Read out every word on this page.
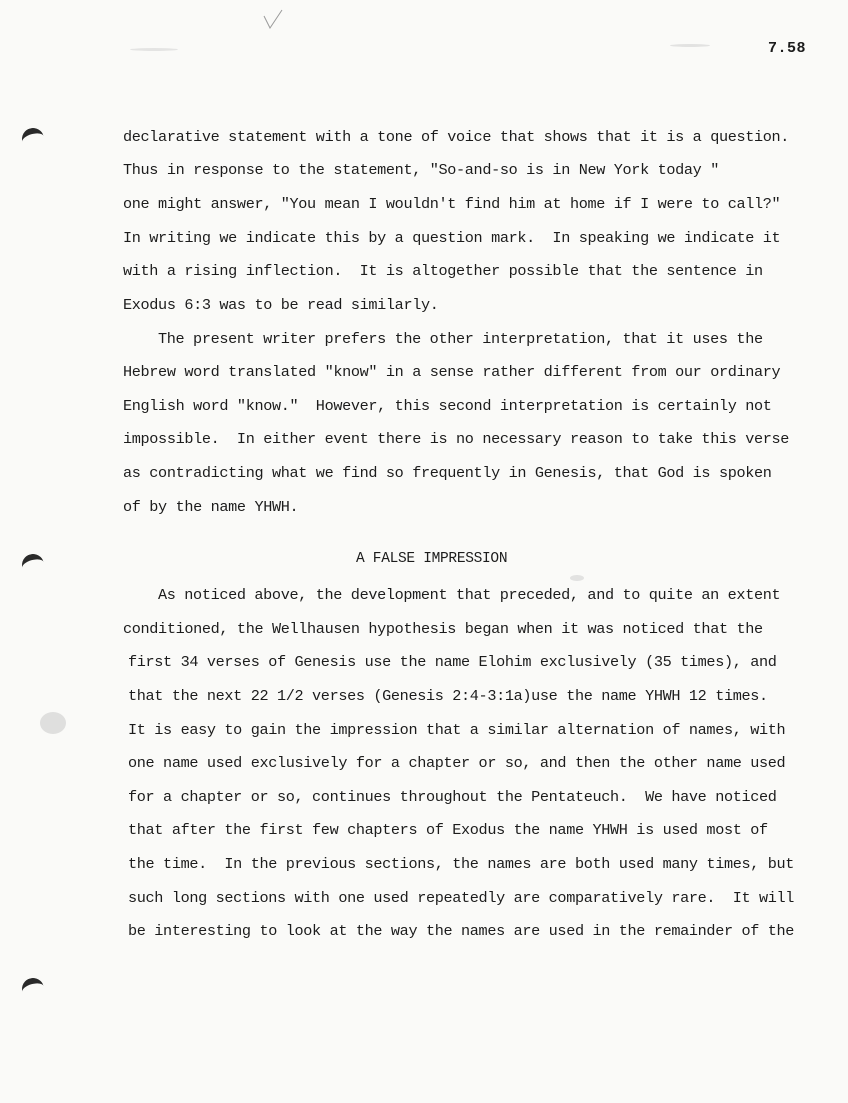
7.58
declarative statement with a tone of voice that shows that it is a question.
Thus in response to the statement, "So-and-so is in New York today "
one might answer, "You mean I wouldn't find him at home if I were to call?"
In writing we indicate this by a question mark.  In speaking we indicate it
with a rising inflection.  It is altogether possible that the sentence in
Exodus 6:3 was to be read similarly.
The present writer prefers the other interpretation, that it uses the
Hebrew word translated "know" in a sense rather different from our ordinary
English word "know."  However, this second interpretation is certainly not
impossible.  In either event there is no necessary reason to take this verse
as contradicting what we find so frequently in Genesis, that God is spoken
of by the name YHWH.
A FALSE IMPRESSION
As noticed above, the development that preceded, and to quite an extent
conditioned, the Wellhausen hypothesis began when it was noticed that the
first 34 verses of Genesis use the name Elohim exclusively (35 times), and
that the next 22 1/2 verses (Genesis 2:4-3:1a)use the name YHWH 12 times.
It is easy to gain the impression that a similar alternation of names, with
one name used exclusively for a chapter or so, and then the other name used
for a chapter or so, continues throughout the Pentateuch.  We have noticed
that after the first few chapters of Exodus the name YHWH is used most of
the time.  In the previous sections, the names are both used many times, but
such long sections with one used repeatedly are comparatively rare.  It will
be interesting to look at the way the names are used in the remainder of the
